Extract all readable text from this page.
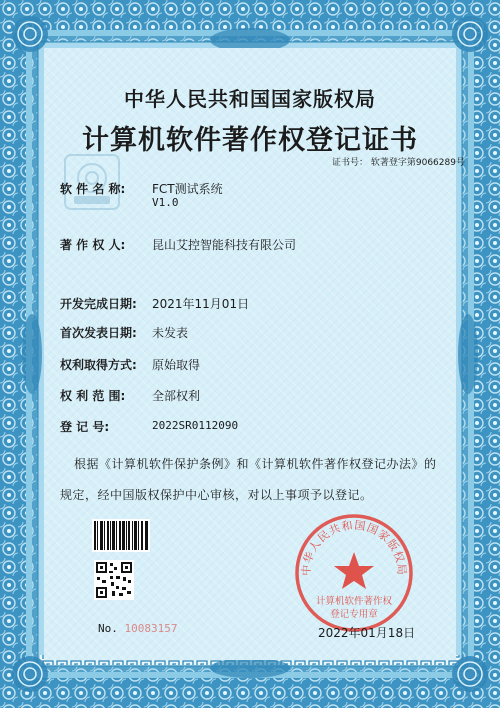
中华人民共和国国家版权局
计算机软件著作权登记证书
证书号： 软著登字第9066289号
软 件 名 称: FCT测试系统
V1.0
著 作 权 人: 昆山艾控智能科技有限公司
开发完成日期: 2021年11月01日
首次发表日期: 未发表
权利取得方式: 原始取得
权 利 范 围: 全部权利
登 记 号:	2022SR0112090
根据《计算机软件保护条例》和《计算机软件著作权登记办法》的
规定，经中国版权保护中心审核，对以上事项予以登记。
No. 10083157
中华人民共和国国家版权局
计算机软件著作权
登记专用章
2022年01月18日
